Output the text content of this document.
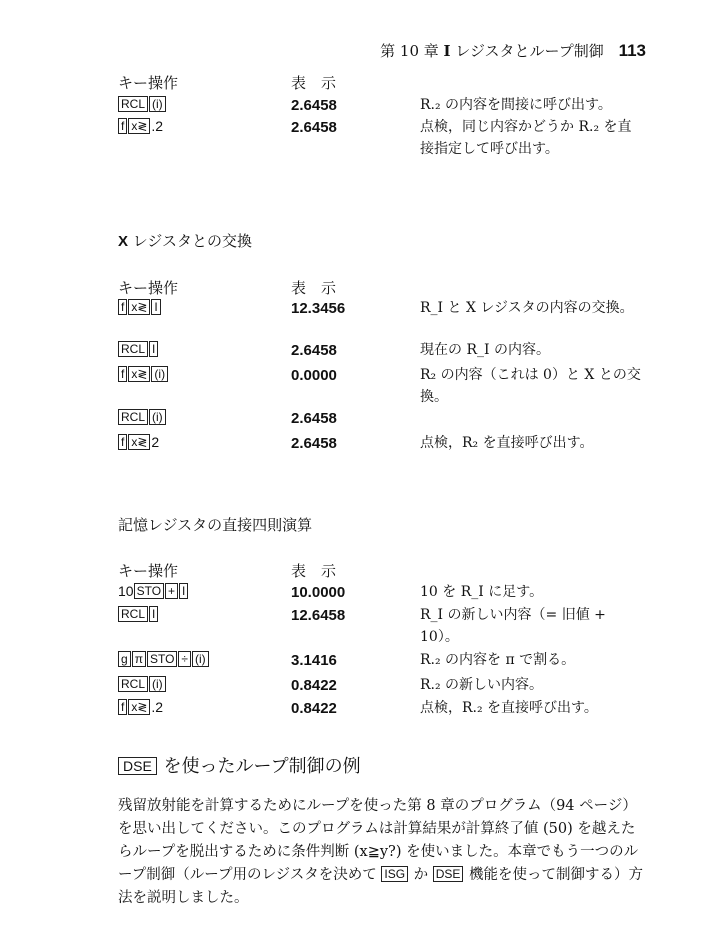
第 10 章 I レジスタとループ制御 113
キー操作	表　示
RCL (i)	2.6458	R.₂ の内容を間接に呼び出す。
f x≷ .2	2.6458	点検，同じ内容かどうか R.₂ を直接指定して呼び出す。
X レジスタとの交換
キー操作	表　示
f x≷ I	12.3456	R_I と X レジスタの内容の交換。
RCL I	2.6458	現在の R_I の内容。
f x≷ (i)	0.0000	R₂ の内容（これは 0）と X との交換。
RCL (i)	2.6458
f x≷ 2	2.6458	点検，R₂ を直接呼び出す。
記憶レジスタの直接四則演算
キー操作	表　示
10 STO + I	10.0000	10 を R_I に足す。
RCL I	12.6458	R_I の新しい内容（= 旧値 + 10）。
g π STO ÷ (i)	3.1416	R.₂ の内容を π で割る。
RCL (i)	0.8422	R.₂ の新しい内容。
f x≷ .2	0.8422	点検，R.₂ を直接呼び出す。
DSE を使ったループ制御の例
残留放射能を計算するためにループを使った第 8 章のプログラム（94 ページ）を思い出してください。このプログラムは計算結果が計算終了値 (50) を越えたらループを脱出するために条件判断 (x≧y?) を使いました。本章でもう一つのループ制御（ループ用のレジスタを決めて ISG か DSE 機能を使って制御する）方法を説明しました。
